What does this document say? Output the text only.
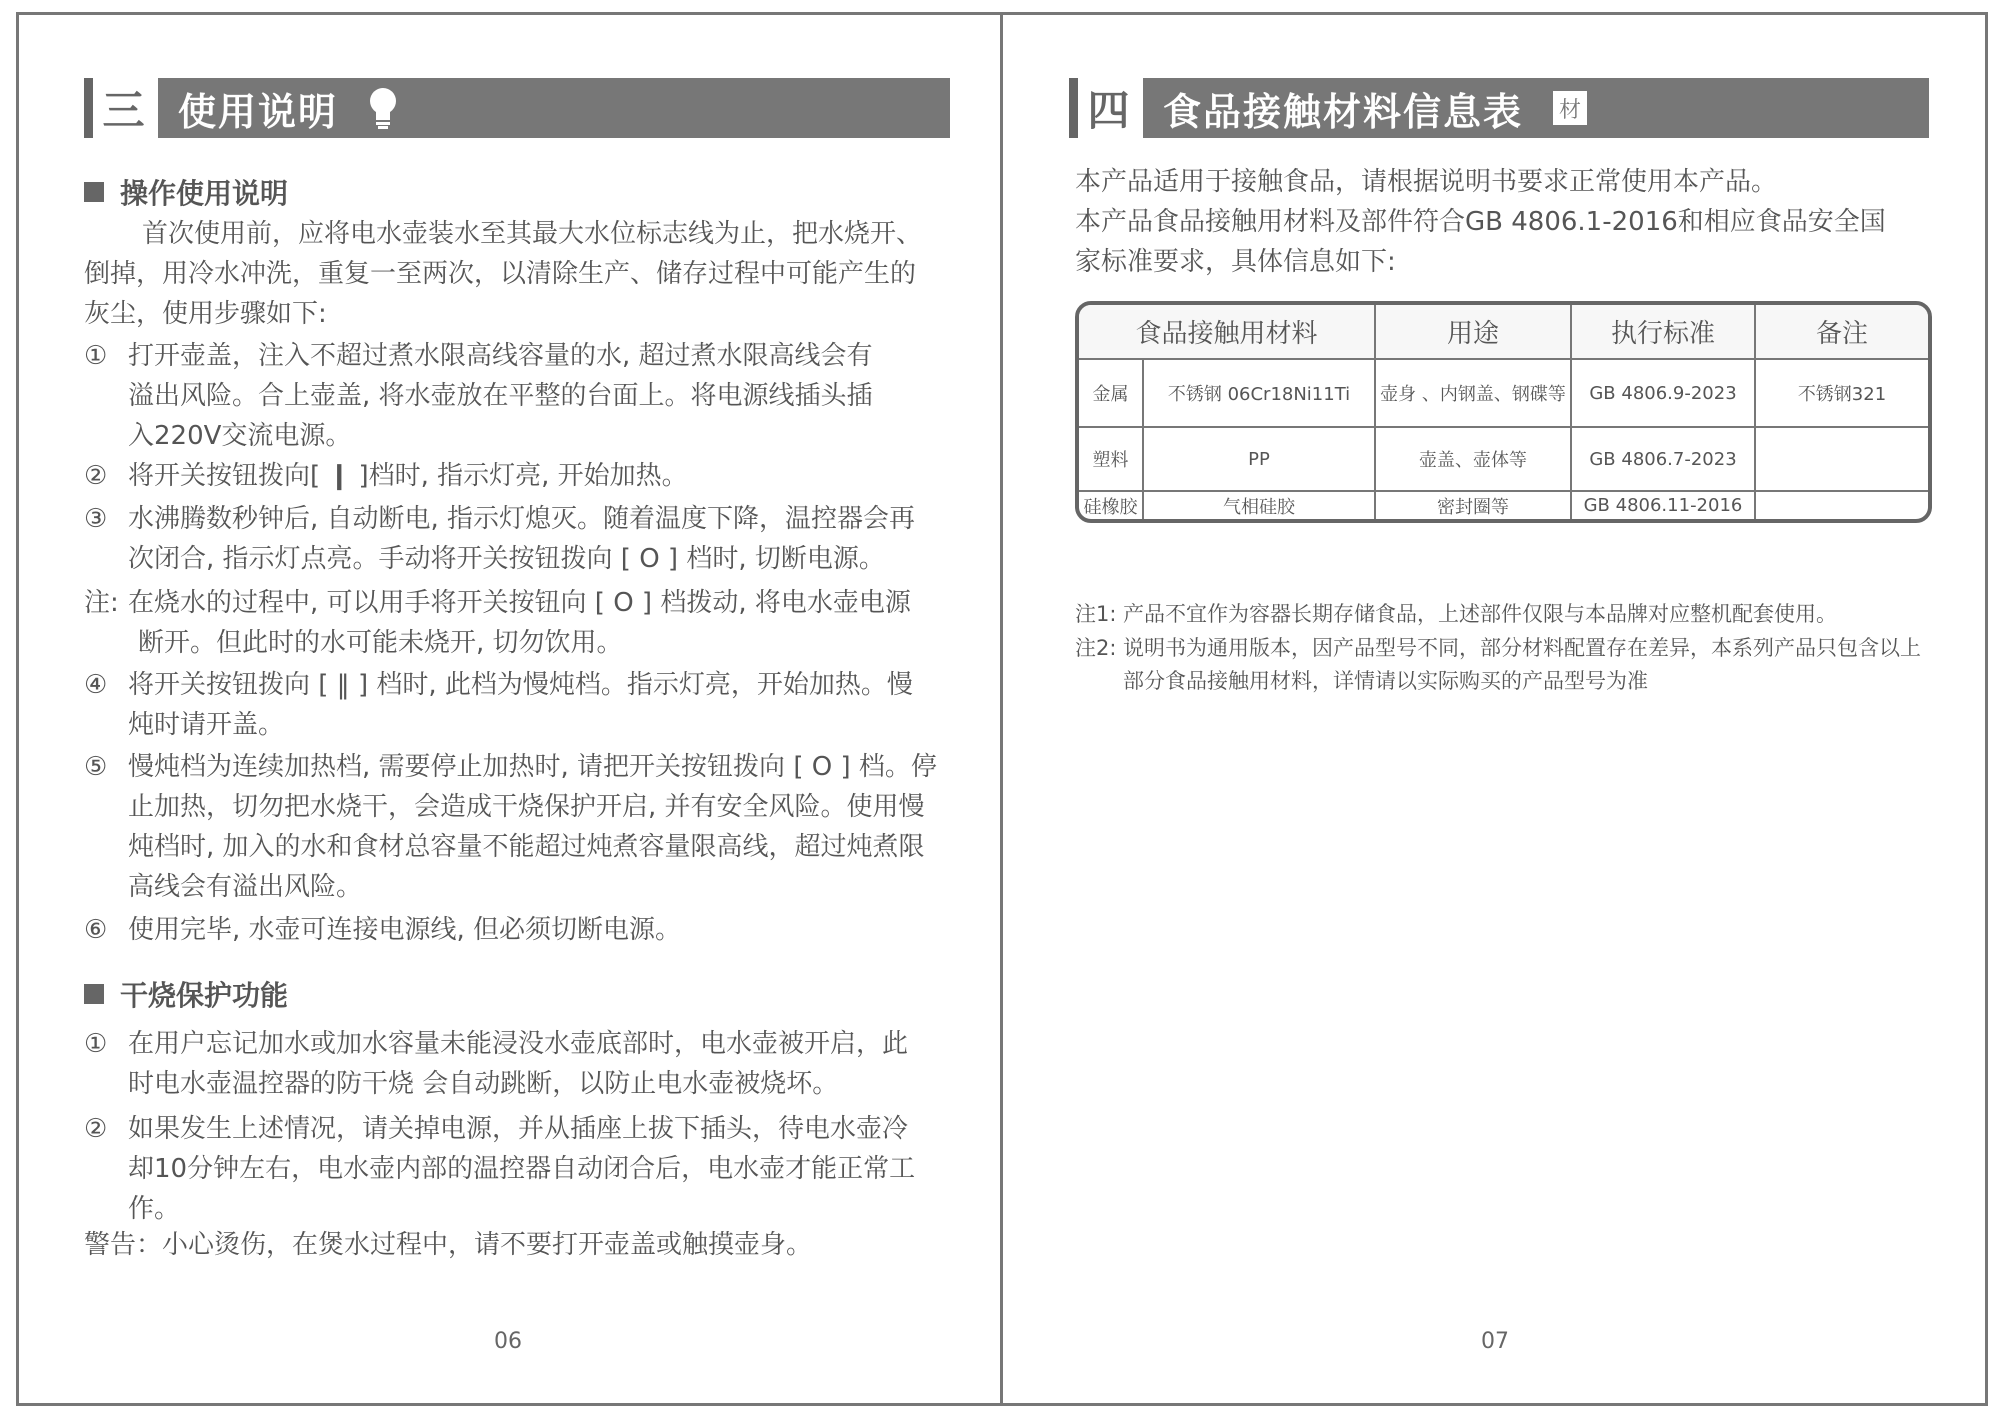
三 使用说明
操作使用说明
首次使用前，应将电水壶装水至其最大水位标志线为止，把水烧开、
倒掉，用冷水冲洗，重复一至两次，以清除生产、储存过程中可能产生的
灰尘，使用步骤如下:
① 打开壶盖，注入不超过煮水限高线容量的水, 超过煮水限高线会有
溢出风险。合上壶盖, 将水壶放在平整的台面上。将电源线插头插
入220V交流电源。
② 将开关按钮拨向[ ❙ ]档时, 指示灯亮, 开始加热。
③ 水沸腾数秒钟后, 自动断电, 指示灯熄灭。随着温度下降，温控器会再
次闭合, 指示灯点亮。手动将开关按钮拨向 [ O ] 档时, 切断电源。
注: 在烧水的过程中, 可以用手将开关按钮向 [ O ] 档拨动, 将电水壶电源
断开。但此时的水可能未烧开, 切勿饮用。
④ 将开关按钮拨向 [ ‖ ] 档时, 此档为慢炖档。指示灯亮，开始加热。慢
炖时请开盖。
⑤ 慢炖档为连续加热档, 需要停止加热时, 请把开关按钮拨向 [ O ] 档。停
止加热，切勿把水烧干，会造成干烧保护开启, 并有安全风险。使用慢
炖档时, 加入的水和食材总容量不能超过炖煮容量限高线，超过炖煮限
高线会有溢出风险。
⑥ 使用完毕, 水壶可连接电源线, 但必须切断电源。
干烧保护功能
① 在用户忘记加水或加水容量未能浸没水壶底部时，电水壶被开启，此
时电水壶温控器的防干烧 会自动跳断，以防止电水壶被烧坏。
② 如果发生上述情况，请关掉电源，并从插座上拔下插头，待电水壶冷
却10分钟左右，电水壶内部的温控器自动闭合后，电水壶才能正常工
作。
警告：小心烫伤，在煲水过程中，请不要打开壶盖或触摸壶身。
06
四 食品接触材料信息表 材
本产品适用于接触食品，请根据说明书要求正常使用本产品。
本产品食品接触用材料及部件符合GB 4806.1-2016和相应食品安全国
家标准要求，具体信息如下:
食品接触用材料		用途	执行标准	备注
金属	不锈钢 06Cr18Ni11Ti	壶身 、内钢盖、钢碟等	GB 4806.9-2023	不锈钢321
塑料	PP	壶盖、壶体等	GB 4806.7-2023	
硅橡胶	气相硅胶	密封圈等	GB 4806.11-2016	
注1: 产品不宜作为容器长期存储食品，上述部件仅限与本品牌对应整机配套使用。
注2: 说明书为通用版本，因产品型号不同，部分材料配置存在差异，本系列产品只包含以上
部分食品接触用材料，详情请以实际购买的产品型号为准
07
